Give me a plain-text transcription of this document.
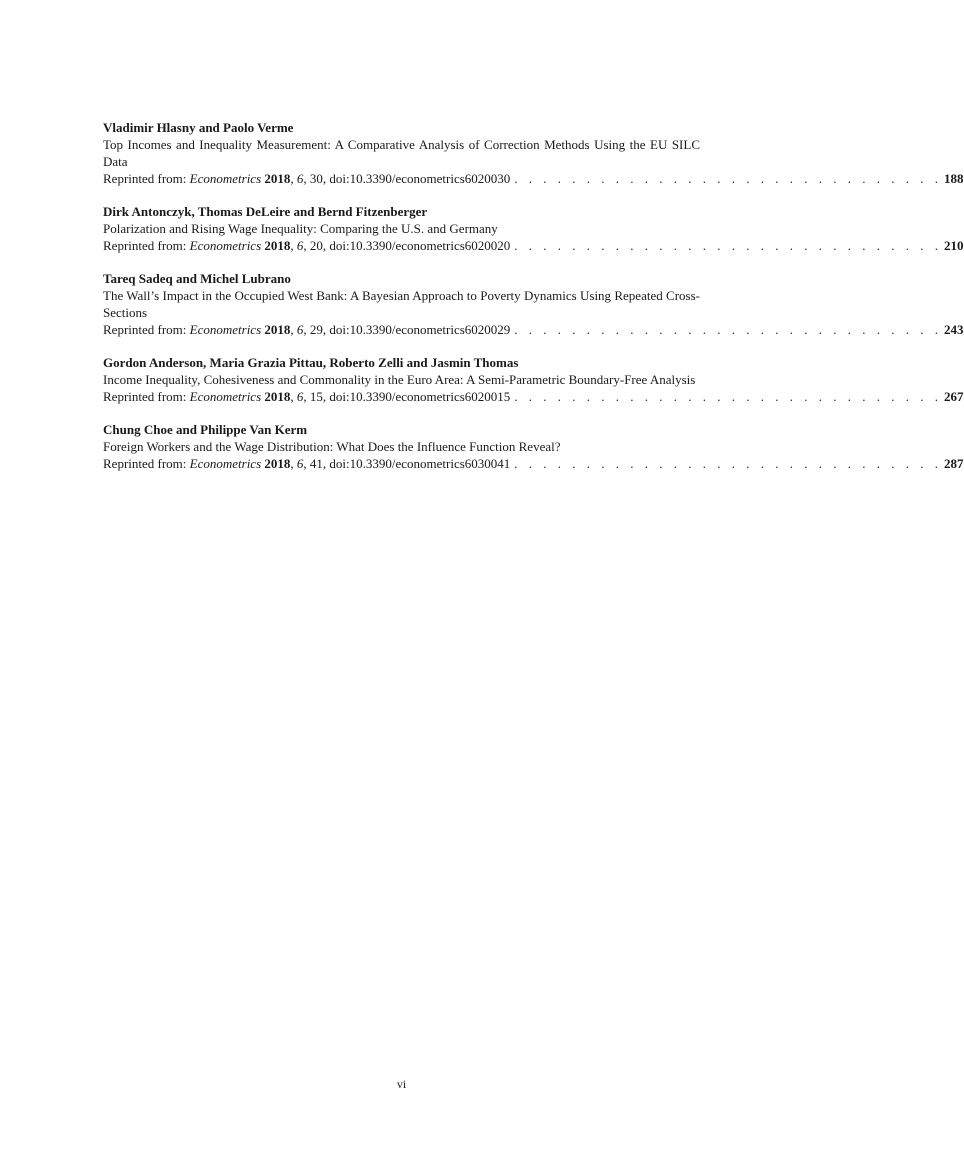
Vladimir Hlasny and Paolo Verme
Top Incomes and Inequality Measurement: A Comparative Analysis of Correction Methods Using the EU SILC Data
Reprinted from: Econometrics 2018, 6, 30, doi:10.3390/econometrics6020030 . . . . . . . . . . . . . . . . . . . . . . . . . . . . . . 188
Dirk Antonczyk, Thomas DeLeire and Bernd Fitzenberger
Polarization and Rising Wage Inequality: Comparing the U.S. and Germany
Reprinted from: Econometrics 2018, 6, 20, doi:10.3390/econometrics6020020 . . . . . . . . . . . . . . . . . . . . . . . . . . . . . . 210
Tareq Sadeq and Michel Lubrano
The Wall’s Impact in the Occupied West Bank: A Bayesian Approach to Poverty Dynamics Using Repeated Cross-Sections
Reprinted from: Econometrics 2018, 6, 29, doi:10.3390/econometrics6020029 . . . . . . . . . . . . . . . . . . . . . . . . . . . . . . 243
Gordon Anderson, Maria Grazia Pittau, Roberto Zelli and Jasmin Thomas
Income Inequality, Cohesiveness and Commonality in the Euro Area: A Semi-Parametric Boundary-Free Analysis
Reprinted from: Econometrics 2018, 6, 15, doi:10.3390/econometrics6020015 . . . . . . . . . . . . . . . . . . . . . . . . . . . . . . 267
Chung Choe and Philippe Van Kerm
Foreign Workers and the Wage Distribution: What Does the Influence Function Reveal?
Reprinted from: Econometrics 2018, 6, 41, doi:10.3390/econometrics6030041 . . . . . . . . . . . . . . . . . . . . . . . . . . . . . . 287
vi
